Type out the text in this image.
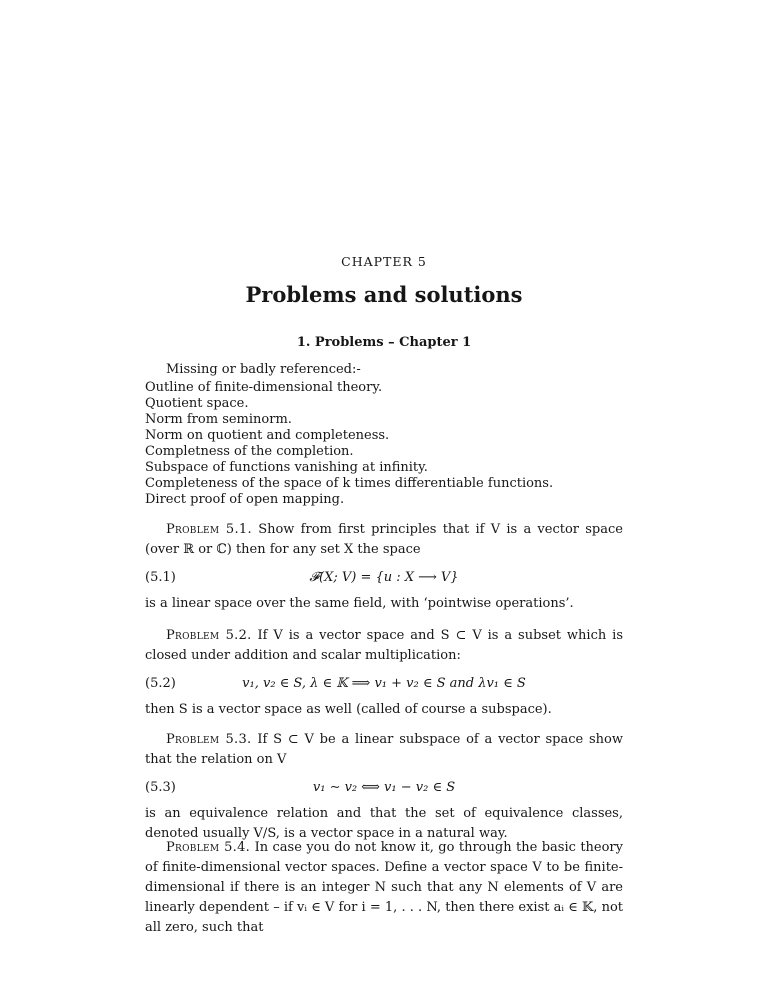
CHAPTER 5
Problems and solutions
1. Problems – Chapter 1
Missing or badly referenced:-
Outline of finite-dimensional theory.
Quotient space.
Norm from seminorm.
Norm on quotient and completeness.
Completness of the completion.
Subspace of functions vanishing at infinity.
Completeness of the space of k times differentiable functions.
Direct proof of open mapping.
Problem 5.1. Show from first principles that if V is a vector space (over ℝ or ℂ) then for any set X the space
(5.1)	𝓕(X; V) = {u : X ⟶ V}
is a linear space over the same field, with ‘pointwise operations’.
Problem 5.2. If V is a vector space and S ⊂ V is a subset which is closed under addition and scalar multiplication:
(5.2)	v₁, v₂ ∈ S, λ ∈ 𝕂 ⟹ v₁ + v₂ ∈ S and λv₁ ∈ S
then S is a vector space as well (called of course a subspace).
Problem 5.3. If S ⊂ V be a linear subspace of a vector space show that the relation on V
(5.3)	v₁ ∼ v₂ ⟺ v₁ − v₂ ∈ S
is an equivalence relation and that the set of equivalence classes, denoted usually V/S, is a vector space in a natural way.
Problem 5.4. In case you do not know it, go through the basic theory of finite-dimensional vector spaces. Define a vector space V to be finite-dimensional if there is an integer N such that any N elements of V are linearly dependent – if vᵢ ∈ V for i = 1, . . . N, then there exist aᵢ ∈ 𝕂, not all zero, such that
